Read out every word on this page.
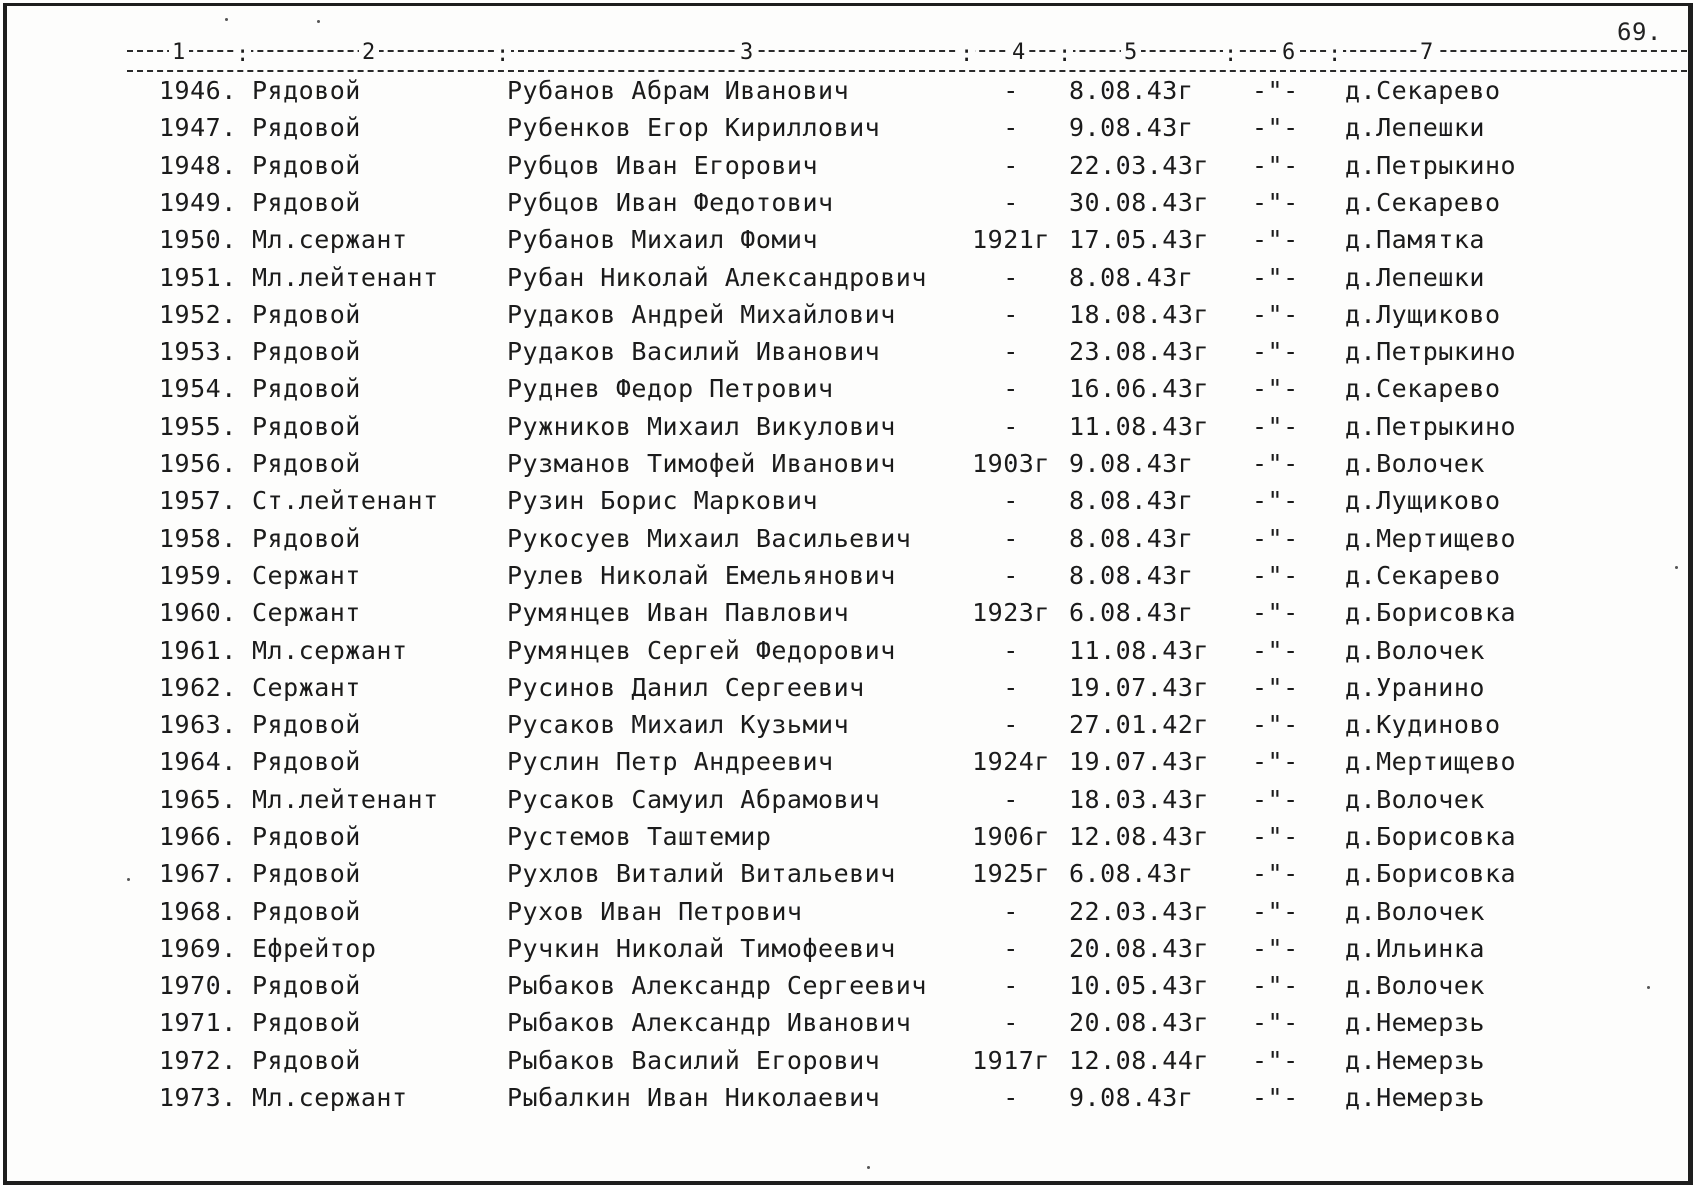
69.
1 :	2	:	3	: 4 : 5	: 6 :	7
1946. Рядовой	Рубанов Абрам Иванович	-	8.08.43г -"- д.Секарево
1947. Рядовой	Рубенков Егор Кириллович	-	9.08.43г -"- д.Лепешки
1948. Рядовой	Рубцов Иван Егорович	-	22.03.43г -"- д.Петрыкино
1949. Рядовой	Рубцов Иван Федотович	-	30.08.43г -"- д.Секарево
1950. Мл.сержант	Рубанов Михаил Фомич	1921г 17.05.43г -"- д.Памятка
1951. Мл.лейтенант	Рубан Николай Александрович	-	8.08.43г -"- д.Лепешки
1952. Рядовой	Рудаков Андрей Михайлович	-	18.08.43г -"- д.Лущиково
1953. Рядовой	Рудаков Василий Иванович	-	23.08.43г -"- д.Петрыкино
1954. Рядовой	Руднев Федор Петрович	-	16.06.43г -"- д.Секарево
1955. Рядовой	Ружников Михаил Викулович	-	11.08.43г -"- д.Петрыкино
1956. Рядовой	Рузманов Тимофей Иванович	1903г 9.08.43г -"- д.Волочек
1957. Ст.лейтенант	Рузин Борис Маркович	-	8.08.43г -"- д.Лущиково
1958. Рядовой	Рукосуев Михаил Васильевич	-	8.08.43г -"- д.Мертищево
1959. Сержант	Рулев Николай Емельянович	-	8.08.43г -"- д.Секарево
1960. Сержант	Румянцев Иван Павлович	1923г 6.08.43г -"- д.Борисовка
1961. Мл.сержант	Румянцев Сергей Федорович	-	11.08.43г -"- д.Волочек
1962. Сержант	Русинов Данил Сергеевич	-	19.07.43г -"- д.Уранино
1963. Рядовой	Русаков Михаил Кузьмич	-	27.01.42г -"- д.Кудиново
1964. Рядовой	Руслин Петр Андреевич	1924г 19.07.43г -"- д.Мертищево
1965. Мл.лейтенант	Русаков Самуил Абрамович	-	18.03.43г -"- д.Волочек
1966. Рядовой	Рустемов Таштемир	1906г 12.08.43г -"- д.Борисовка
1967. Рядовой	Рухлов Виталий Витальевич	1925г 6.08.43г -"- д.Борисовка
1968. Рядовой	Рухов Иван Петрович	-	22.03.43г -"- д.Волочек
1969. Ефрейтор	Ручкин Николай Тимофеевич	-	20.08.43г -"- д.Ильинка
1970. Рядовой	Рыбаков Александр Сергеевич	-	10.05.43г -"- д.Волочек
1971. Рядовой	Рыбаков Александр Иванович	-	20.08.43г -"- д.Немерзь
1972. Рядовой	Рыбаков Василий Егорович	1917г 12.08.44г -"- д.Немерзь
1973. Мл.сержант	Рыбалкин Иван Николаевич	-	9.08.43г -"- д.Немерзь
